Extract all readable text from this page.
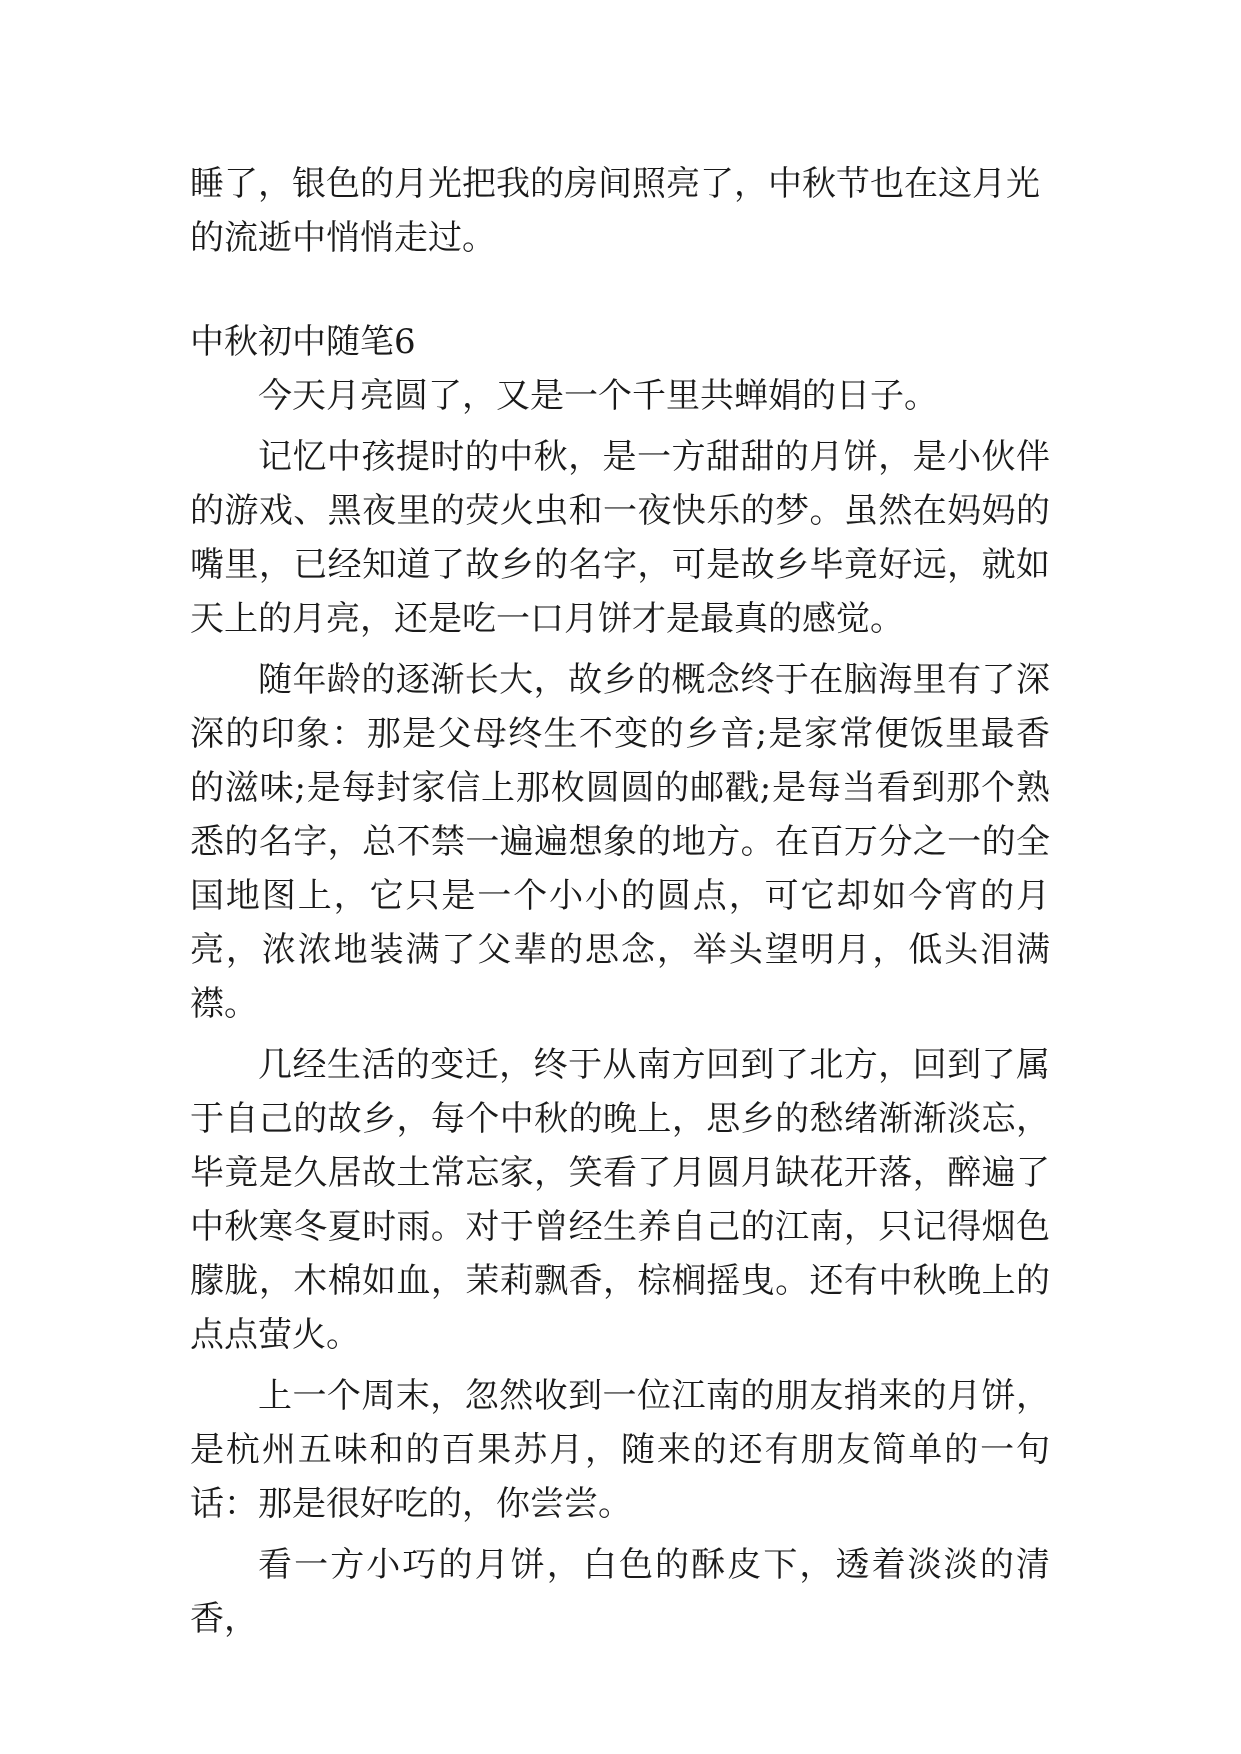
睡了，银色的月光把我的房间照亮了，中秋节也在这月光的流逝中悄悄走过。

中秋初中随笔6

今天月亮圆了，又是一个千里共蝉娟的日子。

记忆中孩提时的中秋，是一方甜甜的月饼，是小伙伴的游戏、黑夜里的荧火虫和一夜快乐的梦。虽然在妈妈的嘴里，已经知道了故乡的名字，可是故乡毕竟好远，就如天上的月亮，还是吃一口月饼才是最真的感觉。

随年龄的逐渐长大，故乡的概念终于在脑海里有了深深的印象：那是父母终生不变的乡音;是家常便饭里最香的滋味;是每封家信上那枚圆圆的邮戳;是每当看到那个熟悉的名字，总不禁一遍遍想象的地方。在百万分之一的全国地图上，它只是一个小小的圆点，可它却如今宵的月亮，浓浓地装满了父辈的思念，举头望明月，低头泪满襟。

几经生活的变迁，终于从南方回到了北方，回到了属于自己的故乡，每个中秋的晚上，思乡的愁绪渐渐淡忘，毕竟是久居故土常忘家，笑看了月圆月缺花开落，醉遍了中秋寒冬夏时雨。对于曾经生养自己的江南，只记得烟色朦胧，木棉如血，茉莉飘香，棕榈摇曳。还有中秋晚上的点点萤火。

上一个周末，忽然收到一位江南的朋友捎来的月饼，是杭州五味和的百果苏月，随来的还有朋友简单的一句话：那是很好吃的，你尝尝。

看一方小巧的月饼，白色的酥皮下，透着淡淡的清香，
